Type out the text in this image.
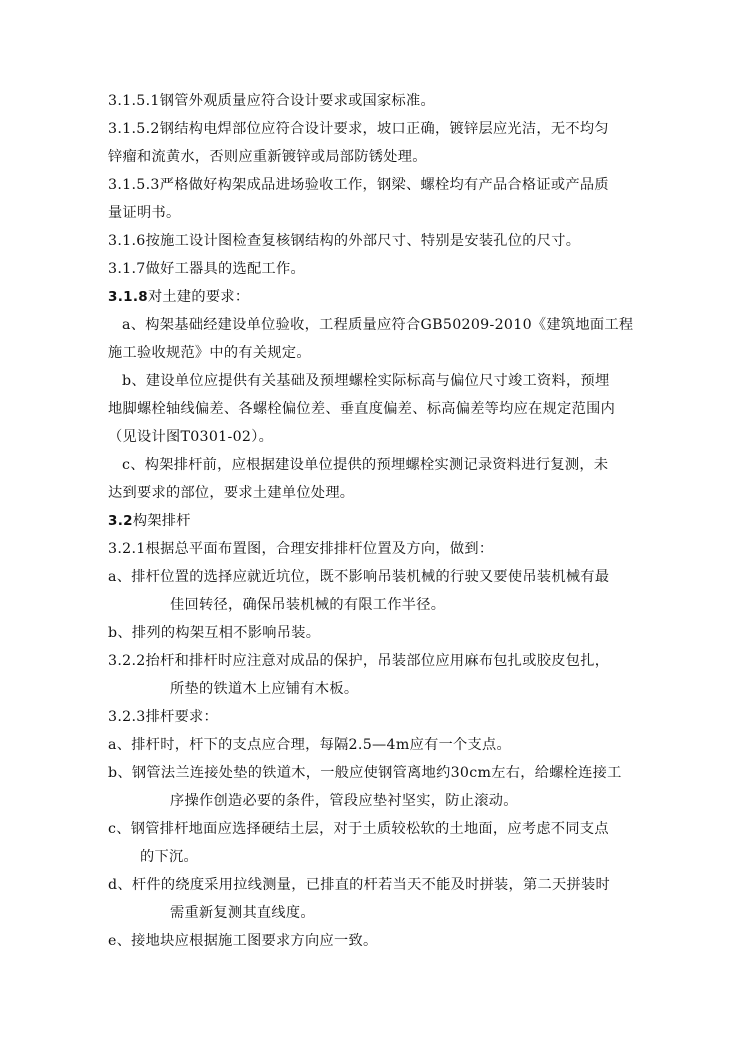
3.1.5.1钢管外观质量应符合设计要求或国家标准。
3.1.5.2钢结构电焊部位应符合设计要求，坡口正确，镀锌层应光洁，无不均匀
锌瘤和流黄水，否则应重新镀锌或局部防锈处理。
3.1.5.3严格做好构架成品进场验收工作，钢梁、螺栓均有产品合格证或产品质
量证明书。
3.1.6按施工设计图检查复核钢结构的外部尺寸、特别是安装孔位的尺寸。
3.1.7做好工器具的选配工作。
3.1.8对土建的要求：
a、构架基础经建设单位验收，工程质量应符合GB50209-2010《建筑地面工程
施工验收规范》中的有关规定。
b、建设单位应提供有关基础及预埋螺栓实际标高与偏位尺寸竣工资料，预埋
地脚螺栓轴线偏差、各螺栓偏位差、垂直度偏差、标高偏差等均应在规定范围内
（见设计图T0301-02）。
c、构架排杆前，应根据建设单位提供的预埋螺栓实测记录资料进行复测，未
达到要求的部位，要求土建单位处理。
3.2构架排杆
3.2.1根据总平面布置图，合理安排排杆位置及方向，做到：
a、排杆位置的选择应就近坑位，既不影响吊装机械的行驶又要使吊装机械有最
佳回转径，确保吊装机械的有限工作半径。
b、排列的构架互相不影响吊装。
3.2.2抬杆和排杆时应注意对成品的保护，吊装部位应用麻布包扎或胶皮包扎，
所垫的铁道木上应铺有木板。
3.2.3排杆要求：
a、排杆时，杆下的支点应合理，每隔2.5—4m应有一个支点。
b、钢管法兰连接处垫的铁道木，一般应使钢管离地约30cm左右，给螺栓连接工
序操作创造必要的条件，管段应垫衬坚实，防止滚动。
c、钢管排杆地面应选择硬结土层，对于土质较松软的土地面，应考虑不同支点
的下沉。
d、杆件的绕度采用拉线测量，已排直的杆若当天不能及时拼装，第二天拼装时
需重新复测其直线度。
e、接地块应根据施工图要求方向应一致。
